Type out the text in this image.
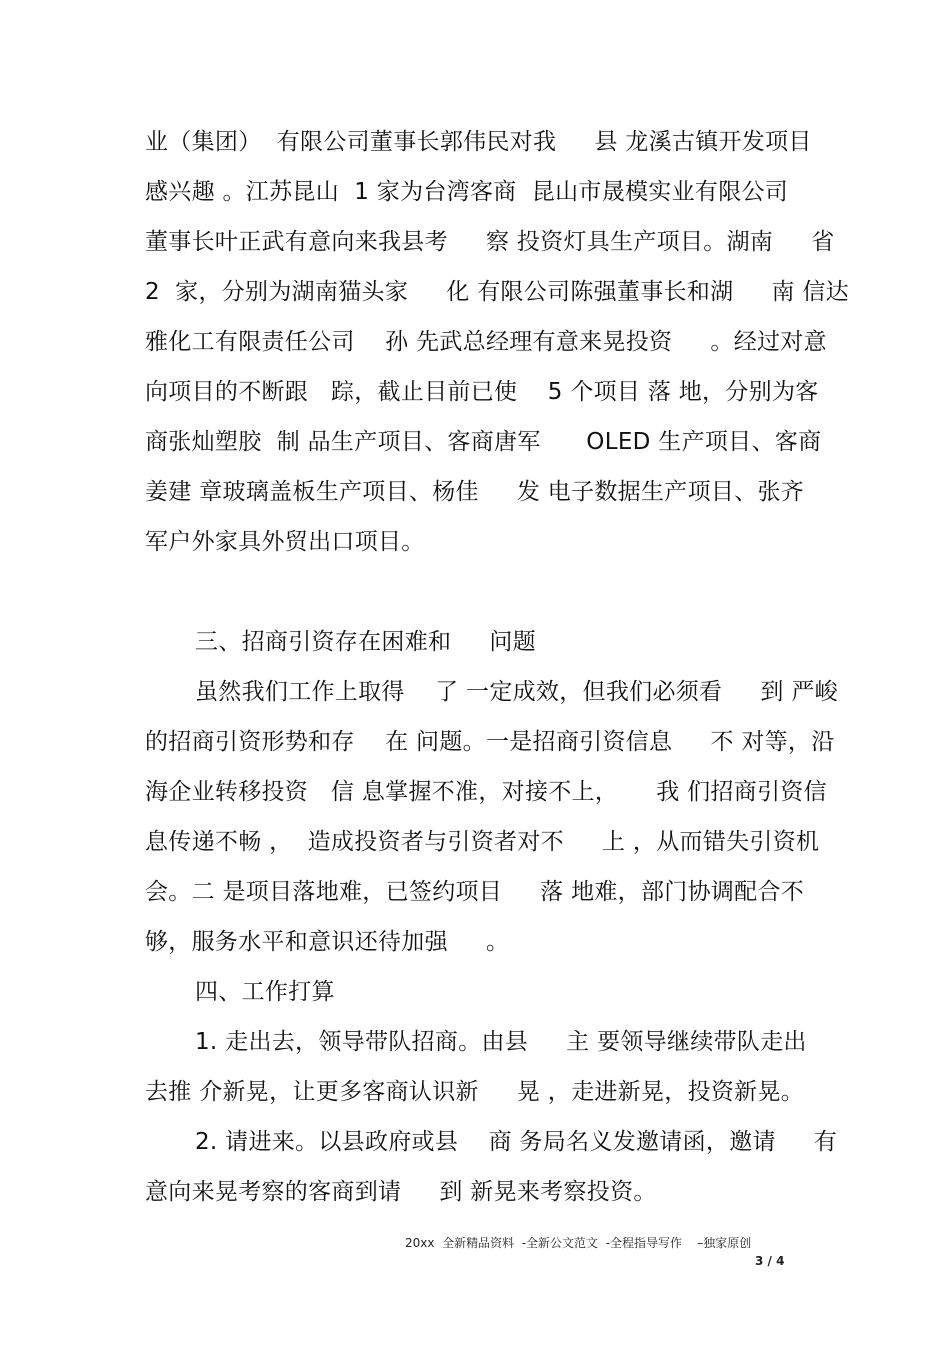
业（集团）  有限公司董事长郭伟民对我     县 龙溪古镇开发项目
感兴趣 。江苏昆山  1 家为台湾客商  昆山市晟模实业有限公司
董事长叶正武有意向来我县考     察 投资灯具生产项目。湖南     省
2  家，分别为湖南猫头家     化 有限公司陈强董事长和湖     南 信达
雅化工有限责任公司    孙 先武总经理有意来晃投资     。经过对意
向项目的不断跟   踪，截止目前已使    5 个项目 落 地，分别为客
商张灿塑胶  制 品生产项目、客商唐军      OLED 生产项目、客商
姜建 章玻璃盖板生产项目、杨佳     发 电子数据生产项目、张齐
军户外家具外贸出口项目。
三、招商引资存在困难和     问题
虽然我们工作上取得    了 一定成效，但我们必须看     到 严峻
的招商引资形势和存    在 问题。一是招商引资信息     不 对等，沿
海企业转移投资   信 息掌握不准，对接不上，     我 们招商引资信
息传递不畅 ，  造成投资者与引资者对不     上 ，从而错失引资机
会。二 是项目落地难，已签约项目     落 地难，部门协调配合不
够，服务水平和意识还待加强     。
四、工作打算
1. 走出去，领导带队招商。由县     主 要领导继续带队走出
去推 介新晃，让更多客商认识新     晃 ，走进新晃，投资新晃。
2. 请进来。以县政府或县    商 务局名义发邀请函，邀请     有
意向来晃考察的客商到请     到 新晃来考察投资。
20xx  全新精品资料  -全新公文范文  -全程指导写作    –独家原创
3 / 4
